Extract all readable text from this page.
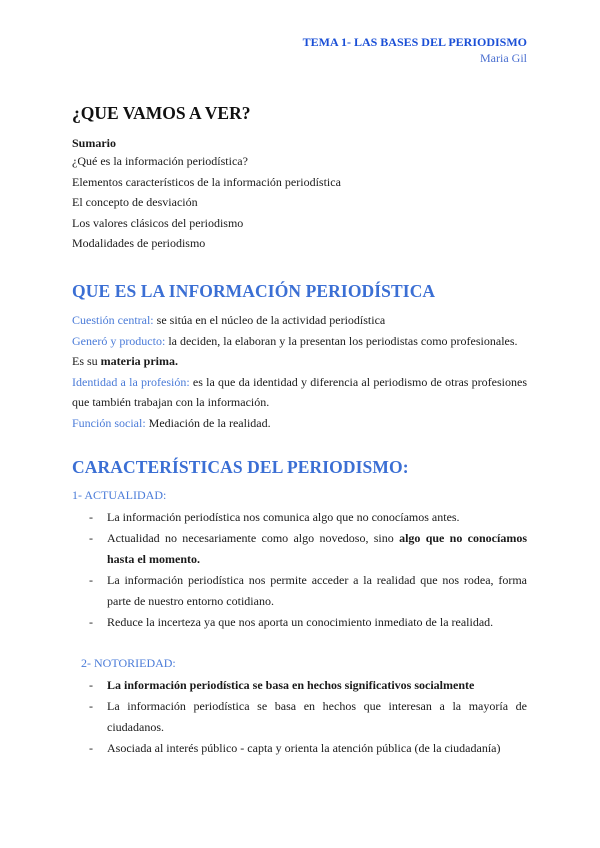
TEMA 1- LAS BASES DEL PERIODISMO
Maria Gil

¿QUE VAMOS A VER?

Sumario

¿Qué es la información periodística?

Elementos característicos de la información periodística

El concepto de desviación

Los valores clásicos del periodismo

Modalidades de periodismo

QUE ES LA INFORMACIÓN PERIODÍSTICA

Cuestión central: se sitúa en el núcleo de la actividad periodística

Generó y producto: la deciden, la elaboran y la presentan los periodistas como profesionales.

Es su materia prima.

Identidad a la profesión: es la que da identidad y diferencia al periodismo de otras profesiones que también trabajan con la información.

Función social: Mediación de la realidad.

CARACTERÍSTICAS DEL PERIODISMO:

1- ACTUALIDAD:

- La información periodística nos comunica algo que no conocíamos antes.
- Actualidad no necesariamente como algo novedoso, sino algo que no conocíamos hasta el momento.
- La información periodística nos permite acceder a la realidad que nos rodea, forma parte de nuestro entorno cotidiano.
- Reduce la incerteza ya que nos aporta un conocimiento inmediato de la realidad.

2- NOTORIEDAD:

- La información periodística se basa en hechos significativos socialmente
- La información periodística se basa en hechos que interesan a la mayoría de ciudadanos.
- Asociada al interés público - capta y orienta la atención pública (de la ciudadanía)
